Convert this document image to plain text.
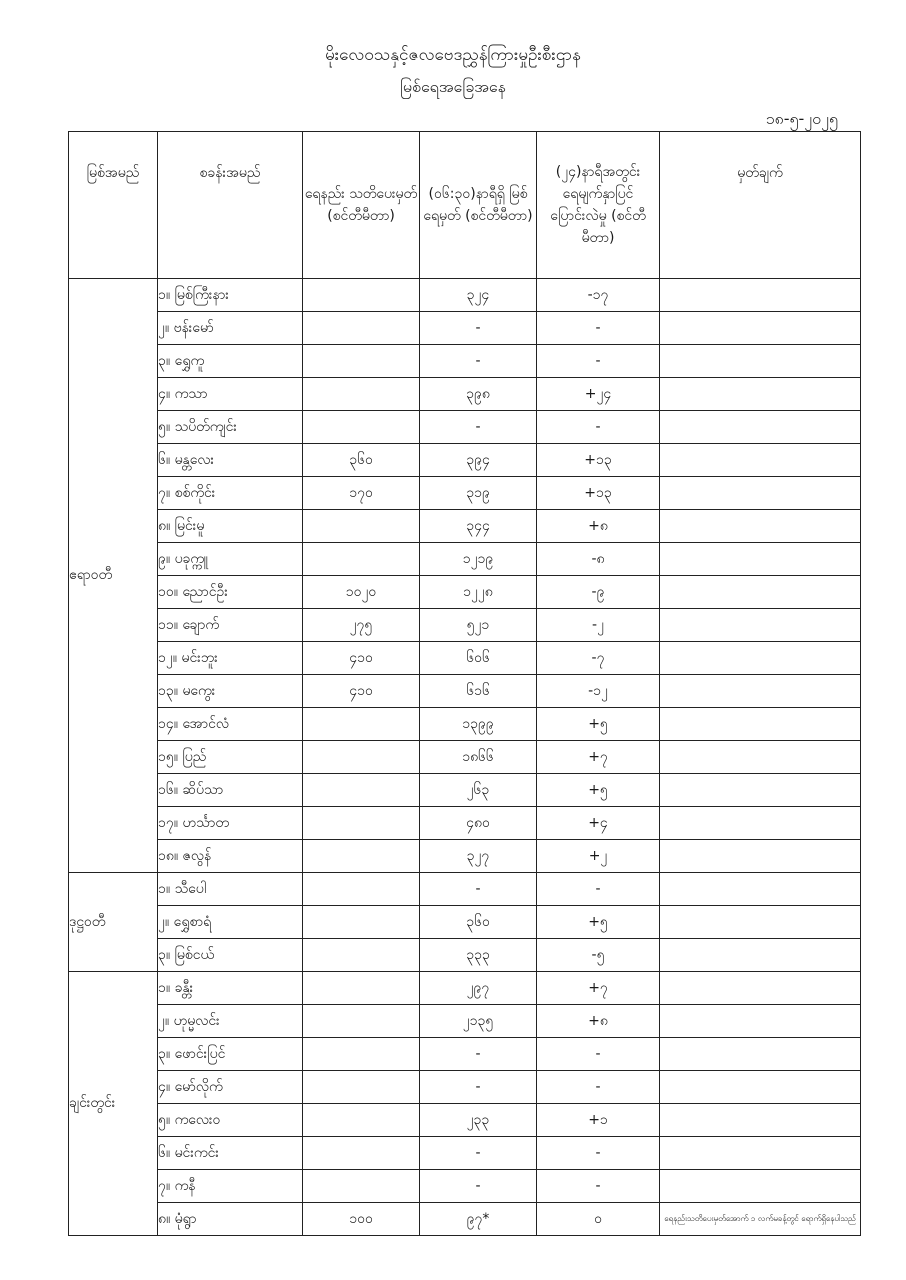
မိုးလေဝသနှင့်ဇလဗေဒညွှန်ကြားမှုဦးစီးဌာန
မြစ်ရေအခြေအနေ
၁၈-၅-၂၀၂၅
မြစ်အမည်	စခန်းအမည်	ရေနည်း သတိပေးမှတ် (စင်တီမီတာ)	(၀၆:၃၀)နာရီရှိ မြစ်ရေမှတ် (စင်တီမီတာ)	(၂၄)နာရီအတွင်း ရေမျက်နှာပြင် ပြောင်းလဲမှု (စင်တီမီတာ)	မှတ်ချက်
ဧရာဝတီ	၁။ မြစ်ကြီးနား		၃၂၄	-၁၇	
	၂။ ဗန်းမော်		-	-	
	၃။ ရွှေကူ		-	-	
	၄။ ကသာ		၃၉၈	+၂၄	
	၅။ သပိတ်ကျင်း		-	-	
	၆။ မန္တလေး	၃၆၀	၃၉၄	+၁၃	
	၇။ စစ်ကိုင်း	၁၇၀	၃၁၉	+၁၃	
	၈။ မြင်းမူ		၃၄၄	+၈	
	၉။ ပခုက္ကူ		၁၂၁၉	-၈	
	၁၀။ ညောင်ဦး	၁၀၂၀	၁၂၂၈	-၉	
	၁၁။ ချောက်	၂၇၅	၅၂၁	-၂	
	၁၂။ မင်းဘူး	၄၁၀	၆၀၆	-၇	
	၁၃။ မကွေး	၄၁၀	၆၁၆	-၁၂	
	၁၄။ အောင်လံ		၁၃၉၉	+၅	
	၁၅။ ပြည်		၁၈၆၆	+၇	
	၁၆။ ဆိပ်သာ		၂၆၃	+၅	
	၁၇။ ဟင်္သာတ		၄၈၀	+၄	
	၁၈။ ဇလွန်		၃၂၇	+၂	
ဒုဋ္ဌဝတီ	၁။ သီပေါ		-	-	
	၂။ ရွှေစာရံ		၃၆၀	+၅	
	၃။ မြစ်ငယ်		၃၃၃	-၅	
ချင်းတွင်း	၁။ ခန္တီး		၂၉၇	+၇	
	၂။ ဟုမ္မလင်း		၂၁၃၅	+၈	
	၃။ ဖောင်းပြင်		-	-	
	၄။ မော်လိုက်		-	-	
	၅။ ကလေးဝ		၂၃၃	+၁	
	၆။ မင်းကင်း		-	-	
	၇။ ကနီ		-	-	
	၈။ မုံရွာ	၁၀၀	၉၇*	၀	ရေနည်းသတိပေးမှတ်အောက် ၁ လက်မခန့်တွင် ရောက်ရှိနေပါသည်
